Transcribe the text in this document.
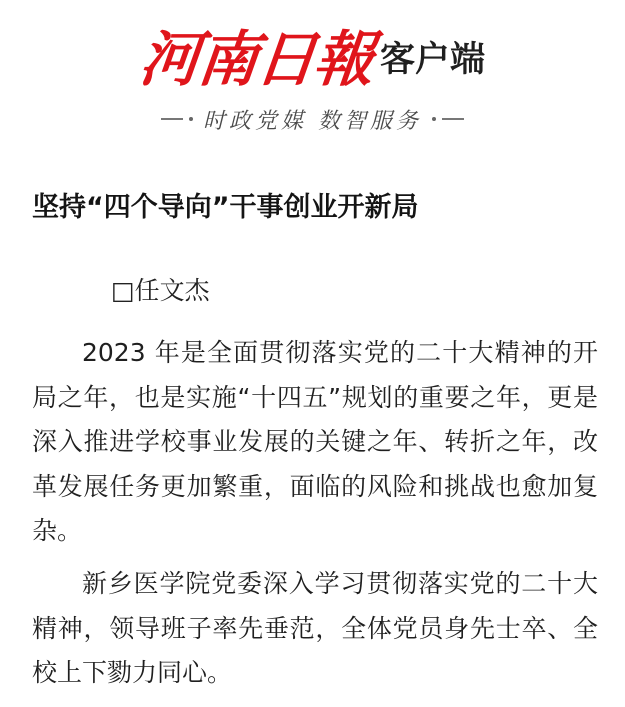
河南日報 客户端
时政党媒 数智服务
坚持“四个导向”干事创业开新局
□任文杰

2023 年是全面贯彻落实党的二十大精神的开局之年，也是实施“十四五”规划的重要之年，更是深入推进学校事业发展的关键之年、转折之年，改革发展任务更加繁重，面临的风险和挑战也愈加复杂。

新乡医学院党委深入学习贯彻落实党的二十大精神，领导班子率先垂范，全体党员身先士卒、全校上下勠力同心。
